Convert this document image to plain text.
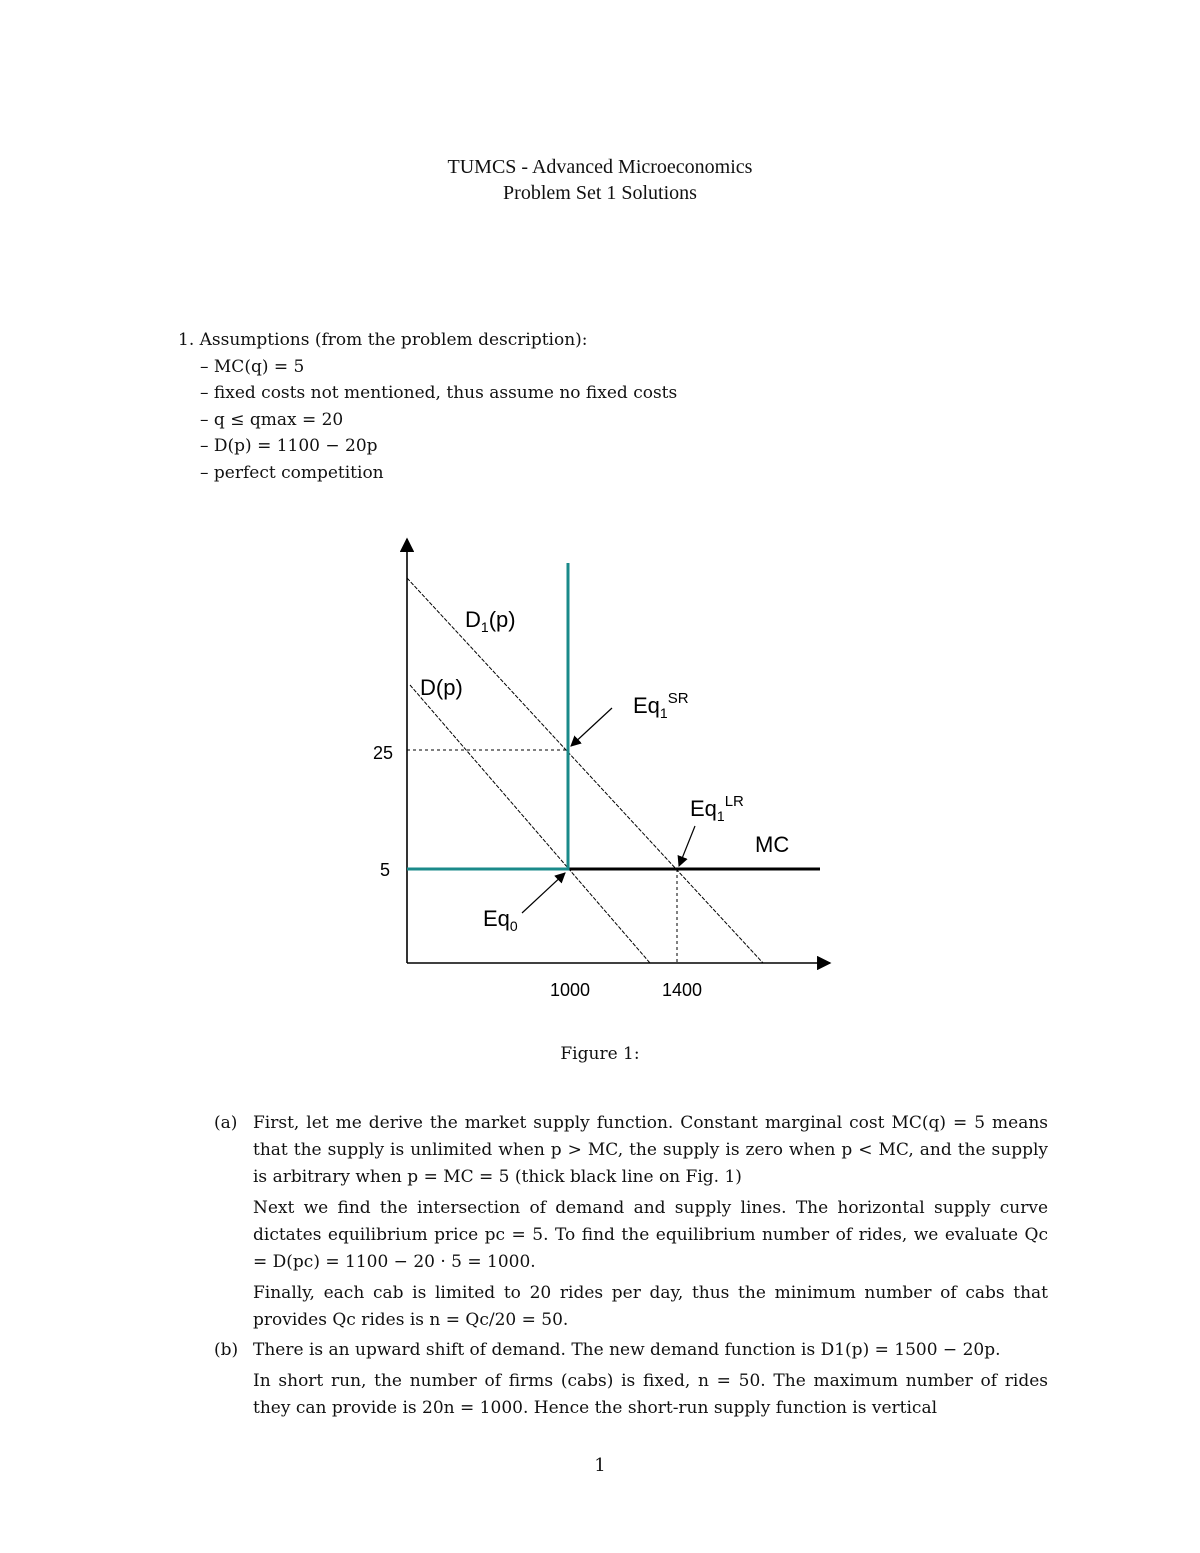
TUMCS - Advanced Microeconomics
Problem Set 1 Solutions
1. Assumptions (from the problem description):
– MC(q) = 5
– fixed costs not mentioned, thus assume no fixed costs
– q ≤ qmax = 20
– D(p) = 1100 − 20p
– perfect competition
$D_1(p)$
D(p)
$Eq_1^{SR}$
$Eq_1^{LR}$
MC
$Eq_0$
25
5
1000	1400
Figure 1:
(a) First, let me derive the market supply function. Constant marginal cost MC(q) = 5 means that the supply is unlimited when p > MC, the supply is zero when p < MC, and the supply is arbitrary when p = MC = 5 (thick black line on Fig. 1)

Next we find the intersection of demand and supply lines. The horizontal supply curve dictates equilibrium price pc = 5. To find the equilibrium number of rides, we evaluate Qc = D(pc) = 1100 − 20 · 5 = 1000.

Finally, each cab is limited to 20 rides per day, thus the minimum number of cabs that provides Qc rides is n = Qc/20 = 50.

(b) There is an upward shift of demand. The new demand function is D1(p) = 1500 − 20p.

In short run, the number of firms (cabs) is fixed, n = 50. The maximum number of rides they can provide is 20n = 1000. Hence the short-run supply function is vertical

1
